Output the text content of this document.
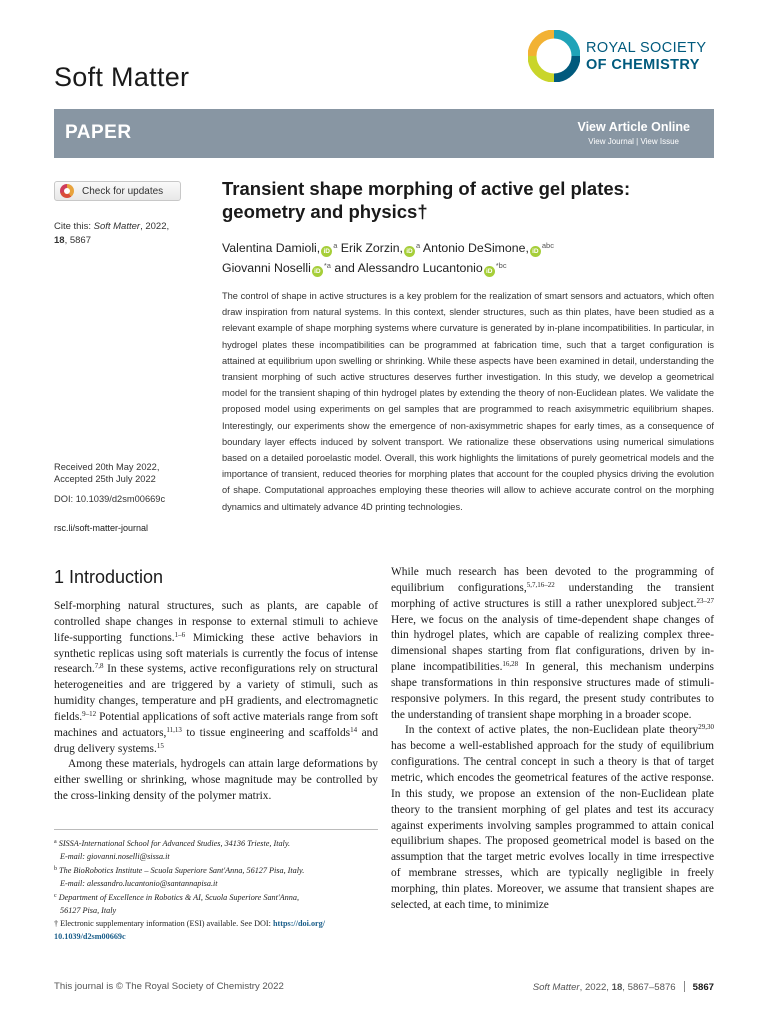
Soft Matter
ROYAL SOCIETY
OF CHEMISTRY
PAPER	View Article Online
View Journal | View Issue
Check for updates
Cite this: Soft Matter, 2022,
18, 5867
Received 20th May 2022,
Accepted 25th July 2022
DOI: 10.1039/d2sm00669c
rsc.li/soft-matter-journal
Transient shape morphing of active gel plates: geometry and physics†
Valentina Damioli, $iD^a$ Erik Zorzin, $iD^a$ Antonio DeSimone, $iD^{abc}$
Giovanni Noselli $iD^{*a}$ and Alessandro Lucantonio $iD^{*bc}$
The control of shape in active structures is a key problem for the realization of smart sensors and actuators, which often draw inspiration from natural systems. In this context, slender structures, such as thin plates, have been studied as a relevant example of shape morphing systems where curvature is generated by in-plane incompatibilities. In particular, in hydrogel plates these incompatibilities can be programmed at fabrication time, such that a target configuration is attained at equilibrium upon swelling or shrinking. While these aspects have been examined in detail, understanding the transient morphing of such active structures deserves further investigation. In this study, we develop a geometrical model for the transient shaping of thin hydrogel plates by extending the theory of non-Euclidean plates. We validate the proposed model using experiments on gel samples that are programmed to reach axisymmetric equilibrium shapes. Interestingly, our experiments show the emergence of non-axisymmetric shapes for early times, as a consequence of boundary layer effects induced by solvent transport. We rationalize these observations using numerical simulations based on a detailed poroelastic model. Overall, this work highlights the limitations of purely geometrical models and the importance of transient, reduced theories for morphing plates that account for the coupled physics driving the evolution of shape. Computational approaches employing these theories will allow to achieve accurate control on the morphing dynamics and ultimately advance 4D printing technologies.
1 Introduction

Self-morphing natural structures, such as plants, are capable of controlled shape changes in response to external stimuli to achieve life-supporting functions.$^{1-6}$ Mimicking these active behaviors in synthetic replicas using soft materials is currently the focus of intense research.$^{7,8}$ In these systems, active reconfigurations rely on structural heterogeneities and are triggered by a variety of stimuli, such as humidity changes, temperature and pH gradients, and electromagnetic fields.$^{9-12}$ Potential applications of soft active materials range from soft machines and actuators,$^{11,13}$ to tissue engineering and scaffolds$^{14}$ and drug delivery systems.$^{15}$

Among these materials, hydrogels can attain large deformations by either swelling or shrinking, whose magnitude may be controlled by the cross-linking density of the polymer matrix.

While much research has been devoted to the programming of equilibrium configurations,$^{5,7,16-22}$ understanding the transient morphing of active structures is still a rather unexplored subject.$^{23-27}$ Here, we focus on the analysis of time-dependent shape changes of thin hydrogel plates, which are capable of realizing complex three-dimensional shapes starting from flat configurations, driven by in-plane incompatibilities.$^{16,28}$ In general, this mechanism underpins shape transformations in thin responsive structures made of stimuli-responsive polymers. In this regard, the present study contributes to the understanding of transient shape morphing in a broader scope.

In the context of active plates, the non-Euclidean plate theory$^{29,30}$ has become a well-established approach for the study of equilibrium configurations. The central concept in such a theory is that of target metric, which encodes the geometrical features of the active response. In this study, we propose an extension of the non-Euclidean plate theory to the transient morphing of gel plates and test its accuracy against experiments involving samples programmed to attain conical equilibrium shapes. The proposed geometrical model is based on the assumption that the target metric evolves locally in time irrespective of membrane stresses, which are typically negligible in freely morphing, thin plates. Moreover, we assume that transient shapes are selected, at each time, to minimize

$^a$ SISSA-International School for Advanced Studies, 34136 Trieste, Italy.
E-mail: giovanni.noselli@sissa.it
$^b$ The BioRobotics Institute – Scuola Superiore Sant'Anna, 56127 Pisa, Italy.
E-mail: alessandro.lucantonio@santannapisa.it
$^c$ Department of Excellence in Robotics & AI, Scuola Superiore Sant'Anna,
56127 Pisa, Italy
† Electronic supplementary information (ESI) available. See DOI: https://doi.org/
10.1039/d2sm00669c
This journal is © The Royal Society of Chemistry 2022	Soft Matter, 2022, 18, 5867–5876 5867
